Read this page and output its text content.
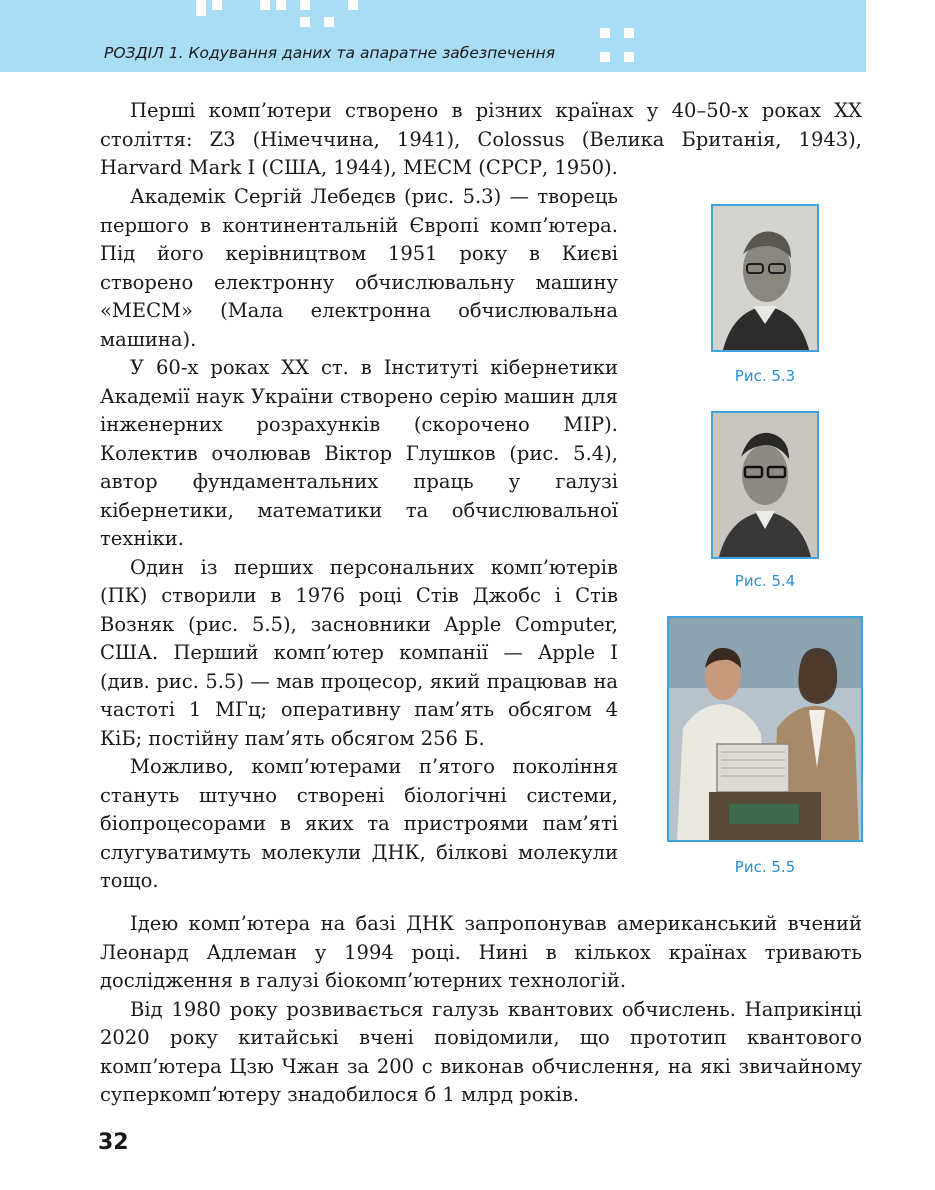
РОЗДІЛ 1. Кодування даних та апаратне забезпечення

Перші комп’ютери створено в різних країнах у 40–50-х роках ХХ століття: Z3 (Німеччина, 1941), Colossus (Велика Британія, 1943), Harvard Mark I (США, 1944), МЕСМ (СРСР, 1950).

Академік Сергій Лебедєв (рис. 5.3) — творець першого в континентальній Європі комп’ютера. Під його керівництвом 1951 року в Києві створено електронну обчислювальну машину «МЕСМ» (Мала електронна обчислювальна машина).

У 60-х роках ХХ ст. в Інституті кібернетики Академії наук України створено серію машин для інженерних розрахунків (скорочено МІР). Колектив очолював Віктор Глушков (рис. 5.4), автор фундаментальних праць у галузі кібернетики, математики та обчислювальної техніки.

Один із перших персональних комп’ютерів (ПК) створили в 1976 році Стів Джобс і Стів Возняк (рис. 5.5), засновники Apple Computer, США. Перший комп’ютер компанії — Apple I (див. рис. 5.5) — мав процесор, який працював на частоті 1 МГц; оперативну пам’ять обсягом 4 КіБ; постійну пам’ять обсягом 256 Б.

Можливо, комп’ютерами п’ятого покоління стануть штучно створені біологічні системи, біопроцесорами в яких та пристроями пам’яті слугуватимуть молекули ДНК, білкові молекули тощо.

Ідею комп’ютера на базі ДНК запропонував американський вчений Леонард Адлеман у 1994 році. Нині в кількох країнах тривають дослідження в галузі біокомп’ютерних технологій.

Від 1980 року розвивається галузь квантових обчислень. Наприкінці 2020 року китайські вчені повідомили, що прототип квантового комп’ютера Цзю Чжан за 200 с виконав обчислення, на які звичайному суперкомп’ютеру знадобилося б 1 млрд років.

Рис. 5.3
Рис. 5.4
Рис. 5.5
32
